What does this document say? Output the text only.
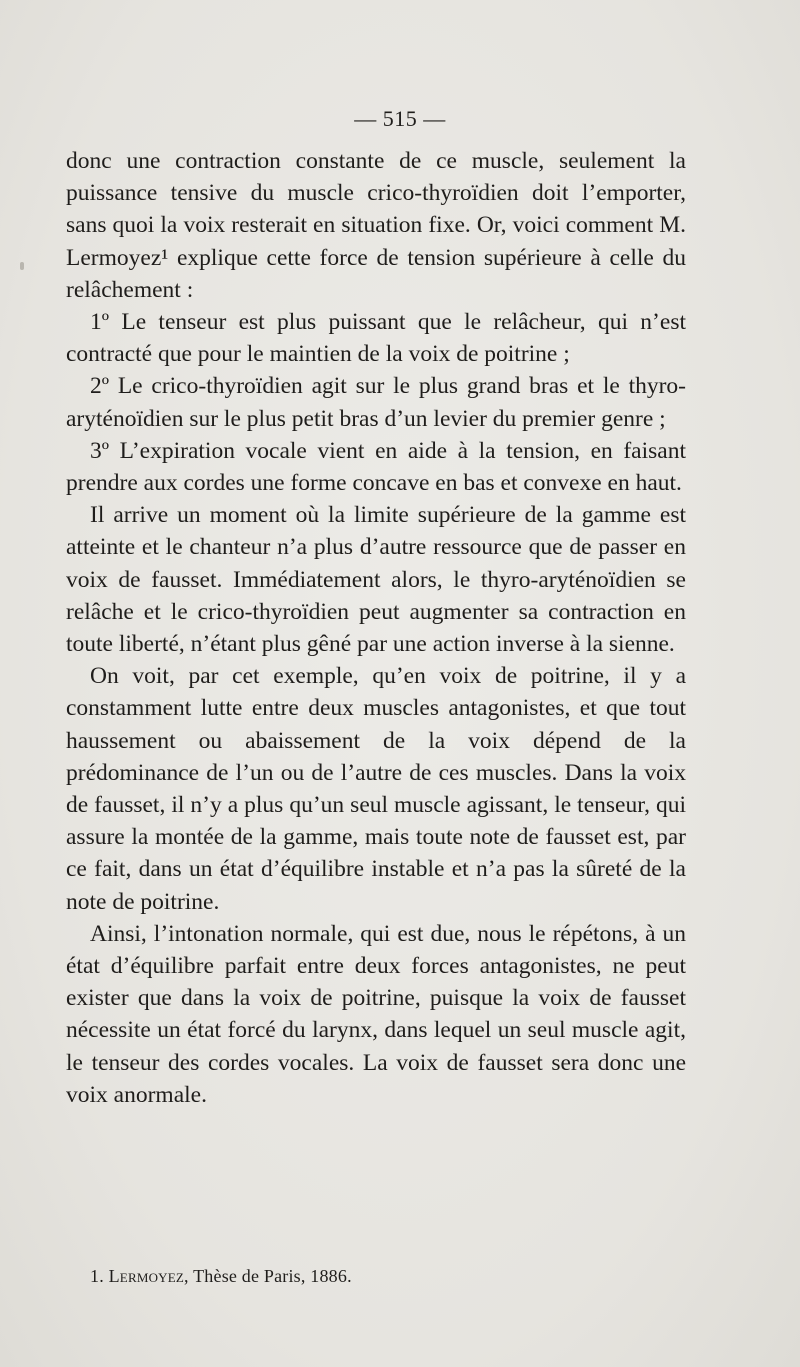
— 515 —

donc une contraction constante de ce muscle, seulement la puissance tensive du muscle crico-thyroïdien doit l’emporter, sans quoi la voix resterait en situation fixe. Or, voici comment M. Lermoyez¹ explique cette force de tension supérieure à celle du relâchement :

1º Le tenseur est plus puissant que le relâcheur, qui n’est contracté que pour le maintien de la voix de poitrine ;

2º Le crico-thyroïdien agit sur le plus grand bras et le thyro-aryténoïdien sur le plus petit bras d’un levier du premier genre ;

3º L’expiration vocale vient en aide à la tension, en faisant prendre aux cordes une forme concave en bas et convexe en haut.

Il arrive un moment où la limite supérieure de la gamme est atteinte et le chanteur n’a plus d’autre ressource que de passer en voix de fausset. Immédiatement alors, le thyro-aryténoïdien se relâche et le crico-thyroïdien peut augmenter sa contraction en toute liberté, n’étant plus gêné par une action inverse à la sienne.

On voit, par cet exemple, qu’en voix de poitrine, il y a constamment lutte entre deux muscles antagonistes, et que tout haussement ou abaissement de la voix dépend de la prédominance de l’un ou de l’autre de ces muscles. Dans la voix de fausset, il n’y a plus qu’un seul muscle agissant, le tenseur, qui assure la montée de la gamme, mais toute note de fausset est, par ce fait, dans un état d’équilibre instable et n’a pas la sûreté de la note de poitrine.

Ainsi, l’intonation normale, qui est due, nous le répétons, à un état d’équilibre parfait entre deux forces antagonistes, ne peut exister que dans la voix de poitrine, puisque la voix de fausset nécessite un état forcé du larynx, dans lequel un seul muscle agit, le tenseur des cordes vocales. La voix de fausset sera donc une voix anormale.

1. Lermoyez, Thèse de Paris, 1886.
